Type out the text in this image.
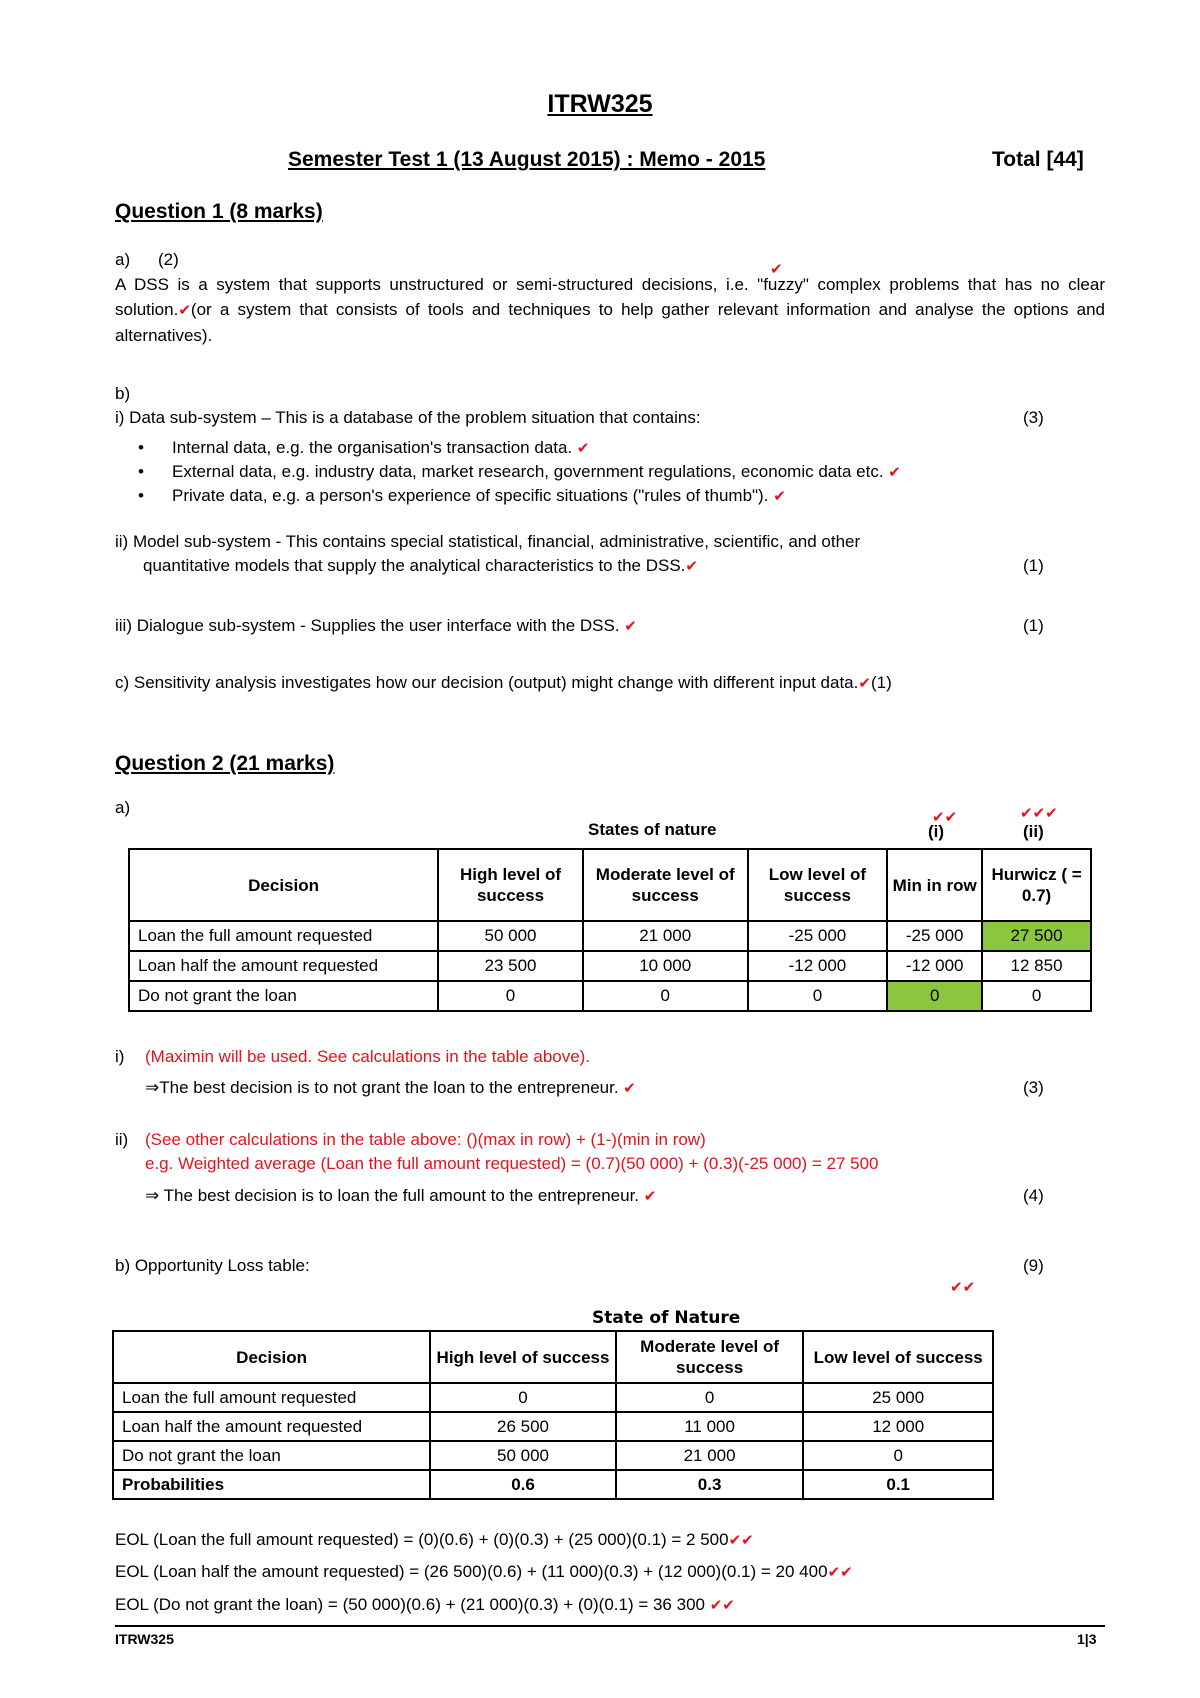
ITRW325
Semester Test 1 (13 August 2015) : Memo - 2015	Total [44]
Question 1 (8 marks)
a) (2)	✔
A DSS is a system that supports unstructured or semi-structured decisions, i.e. "fuzzy" complex problems that has no clear solution.✔(or a system that consists of tools and techniques to help gather relevant information and analyse the options and alternatives).
b)
i) Data sub-system – This is a database of the problem situation that contains:	(3)
• Internal data, e.g. the organisation's transaction data. ✔
• External data, e.g. industry data, market research, government regulations, economic data etc. ✔
• Private data, e.g. a person's experience of specific situations ("rules of thumb"). ✔
ii) Model sub-system - This contains special statistical, financial, administrative, scientific, and other
quantitative models that supply the analytical characteristics to the DSS.✔	(1)
iii) Dialogue sub-system - Supplies the user interface with the DSS. ✔	(1)
c) Sensitivity analysis investigates how our decision (output) might change with different input data.✔(1)
Question 2 (21 marks)
a)
States of nature
✔✔
(i)
✔✔✔
(ii)
Decision	High level of success	Moderate level of success	Low level of success	Min in row	Hurwicz ( = 0.7)
Loan the full amount requested	50 000	21 000	-25 000	-25 000	27 500
Loan half the amount requested	23 500	10 000	-12 000	-12 000	12 850
Do not grant the loan	0	0	0	0	0
i) (Maximin will be used. See calculations in the table above).
⇒The best decision is to not grant the loan to the entrepreneur. ✔	(3)
ii) (See other calculations in the table above: ()(max in row) + (1-)(min in row)
e.g. Weighted average (Loan the full amount requested) = (0.7)(50 000) + (0.3)(-25 000) = 27 500
⇒ The best decision is to loan the full amount to the entrepreneur. ✔	(4)
b) Opportunity Loss table:	(9)
✔✔
State of Nature
Decision	High level of success	Moderate level of success	Low level of success
Loan the full amount requested	0	0	25 000
Loan half the amount requested	26 500	11 000	12 000
Do not grant the loan	50 000	21 000	0
Probabilities	0.6	0.3	0.1
EOL (Loan the full amount requested) = (0)(0.6) + (0)(0.3) + (25 000)(0.1) = 2 500✔✔
EOL (Loan half the amount requested) = (26 500)(0.6) + (11 000)(0.3) + (12 000)(0.1) = 20 400✔✔
EOL (Do not grant the loan) = (50 000)(0.6) + (21 000)(0.3) + (0)(0.1) = 36 300 ✔✔
ITRW325	1|3
